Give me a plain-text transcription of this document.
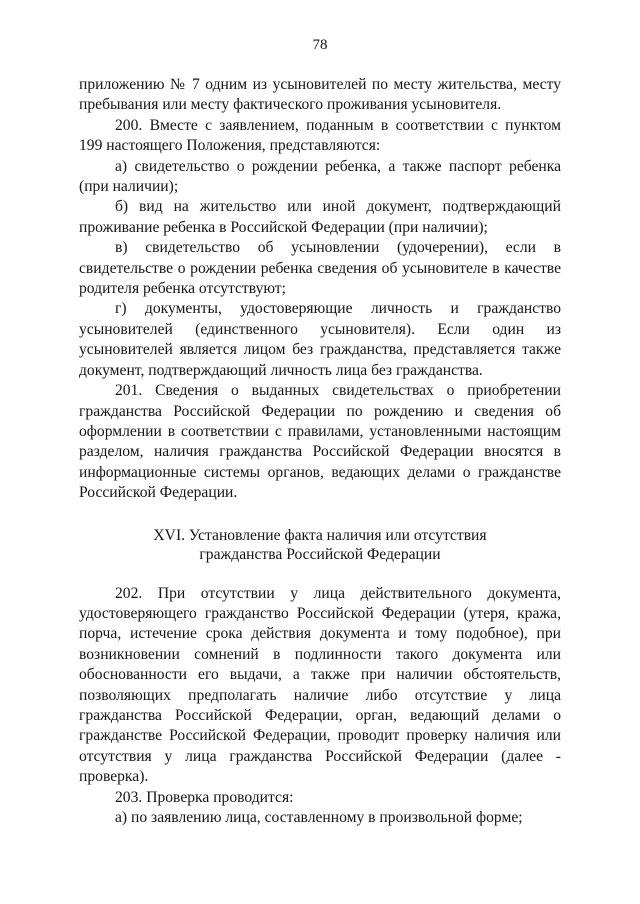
78

приложению № 7 одним из усыновителей по месту жительства, месту пребывания или месту фактического проживания усыновителя.

200. Вместе с заявлением, поданным в соответствии с пунктом 199 настоящего Положения, представляются:

а) свидетельство о рождении ребенка, а также паспорт ребенка (при наличии);

б) вид на жительство или иной документ, подтверждающий проживание ребенка в Российской Федерации (при наличии);

в) свидетельство об усыновлении (удочерении), если в свидетельстве о рождении ребенка сведения об усыновителе в качестве родителя ребенка отсутствуют;

г) документы, удостоверяющие личность и гражданство усыновителей (единственного усыновителя). Если один из усыновителей является лицом без гражданства, представляется также документ, подтверждающий личность лица без гражданства.

201. Сведения о выданных свидетельствах о приобретении гражданства Российской Федерации по рождению и сведения об оформлении в соответствии с правилами, установленными настоящим разделом, наличия гражданства Российской Федерации вносятся в информационные системы органов, ведающих делами о гражданстве Российской Федерации.

XVI. Установление факта наличия или отсутствия
гражданства Российской Федерации

202. При отсутствии у лица действительного документа, удостоверяющего гражданство Российской Федерации (утеря, кража, порча, истечение срока действия документа и тому подобное), при возникновении сомнений в подлинности такого документа или обоснованности его выдачи, а также при наличии обстоятельств, позволяющих предполагать наличие либо отсутствие у лица гражданства Российской Федерации, орган, ведающий делами о гражданстве Российской Федерации, проводит проверку наличия или отсутствия у лица гражданства Российской Федерации (далее - проверка).

203. Проверка проводится:

а) по заявлению лица, составленному в произвольной форме;
